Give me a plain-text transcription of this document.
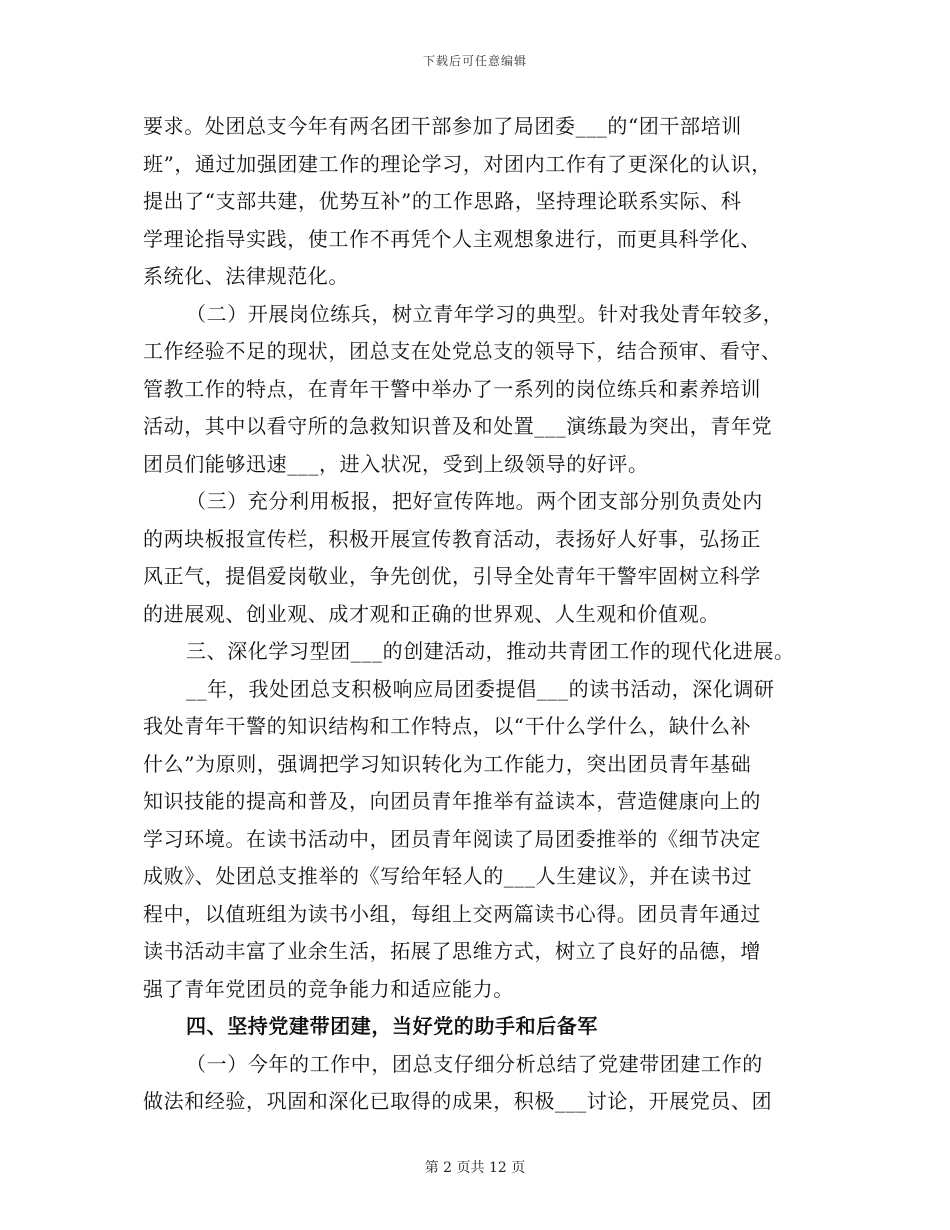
下载后可任意编辑
要求。处团总支今年有两名团干部参加了局团委___的“团干部培训
班”，通过加强团建工作的理论学习，对团内工作有了更深化的认识，
提出了“支部共建，优势互补”的工作思路，坚持理论联系实际、科
学理论指导实践，使工作不再凭个人主观想象进行，而更具科学化、
系统化、法律规范化。
（二）开展岗位练兵，树立青年学习的典型。针对我处青年较多，
工作经验不足的现状，团总支在处党总支的领导下，结合预审、看守、
管教工作的特点，在青年干警中举办了一系列的岗位练兵和素养培训
活动，其中以看守所的急救知识普及和处置___演练最为突出，青年党
团员们能够迅速___，进入状况，受到上级领导的好评。
（三）充分利用板报，把好宣传阵地。两个团支部分别负责处内
的两块板报宣传栏，积极开展宣传教育活动，表扬好人好事，弘扬正
风正气，提倡爱岗敬业，争先创优，引导全处青年干警牢固树立科学
的进展观、创业观、成才观和正确的世界观、人生观和价值观。
三、深化学习型团___的创建活动，推动共青团工作的现代化进展。
__年，我处团总支积极响应局团委提倡___的读书活动，深化调研
我处青年干警的知识结构和工作特点，以“干什么学什么，缺什么补
什么”为原则，强调把学习知识转化为工作能力，突出团员青年基础
知识技能的提高和普及，向团员青年推举有益读本，营造健康向上的
学习环境。在读书活动中，团员青年阅读了局团委推举的《细节决定
成败》、处团总支推举的《写给年轻人的___人生建议》，并在读书过
程中，以值班组为读书小组，每组上交两篇读书心得。团员青年通过
读书活动丰富了业余生活，拓展了思维方式，树立了良好的品德，增
强了青年党团员的竞争能力和适应能力。
四、坚持党建带团建，当好党的助手和后备军
（一）今年的工作中，团总支仔细分析总结了党建带团建工作的
做法和经验，巩固和深化已取得的成果，积极___讨论，开展党员、团
第 2 页共 12 页
